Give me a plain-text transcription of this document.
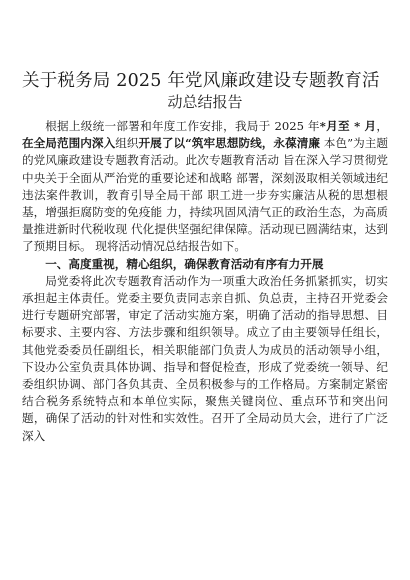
关于税务局 2025 年党风廉政建设专题教育活
动总结报告

根据上级统一部署和年度工作安排，我局于 2025 年*月至 * 月，在全局范围内深入组织开展了以“筑牢思想防线，永葆清廉 本色”为主题的党风廉政建设专题教育活动。此次专题教育活动 旨在深入学习贯彻党中央关于全面从严治党的重要论述和战略 部署，深刻汲取相关领域违纪违法案件教训，教育引导全局干部 职工进一步夯实廉洁从税的思想根基，增强拒腐防变的免疫能 力，持续巩固风清气正的政治生态，为高质量推进新时代税收现 代化提供坚强纪律保障。活动现已圆满结束，达到了预期目标。 现将活动情况总结报告如下。

一、高度重视，精心组织，确保教育活动有序有力开展

局党委将此次专题教育活动作为一项重大政治任务抓紧抓实，切实承担起主体责任。党委主要负责同志亲自抓、负总责，主持召开党委会进行专题研究部署，审定了活动实施方案，明确了活动的指导思想、目标要求、主要内容、方法步骤和组织领导。成立了由主要领导任组长，其他党委委员任副组长，相关职能部门负责人为成员的活动领导小组，下设办公室负责具体协调、指导和督促检查，形成了党委统一领导、纪委组织协调、部门各负其责、全员积极参与的工作格局。方案制定紧密结合税务系统特点和本单位实际，聚焦关键岗位、重点环节和突出问题，确保了活动的针对性和实效性。召开了全局动员大会，进行了广泛深入
